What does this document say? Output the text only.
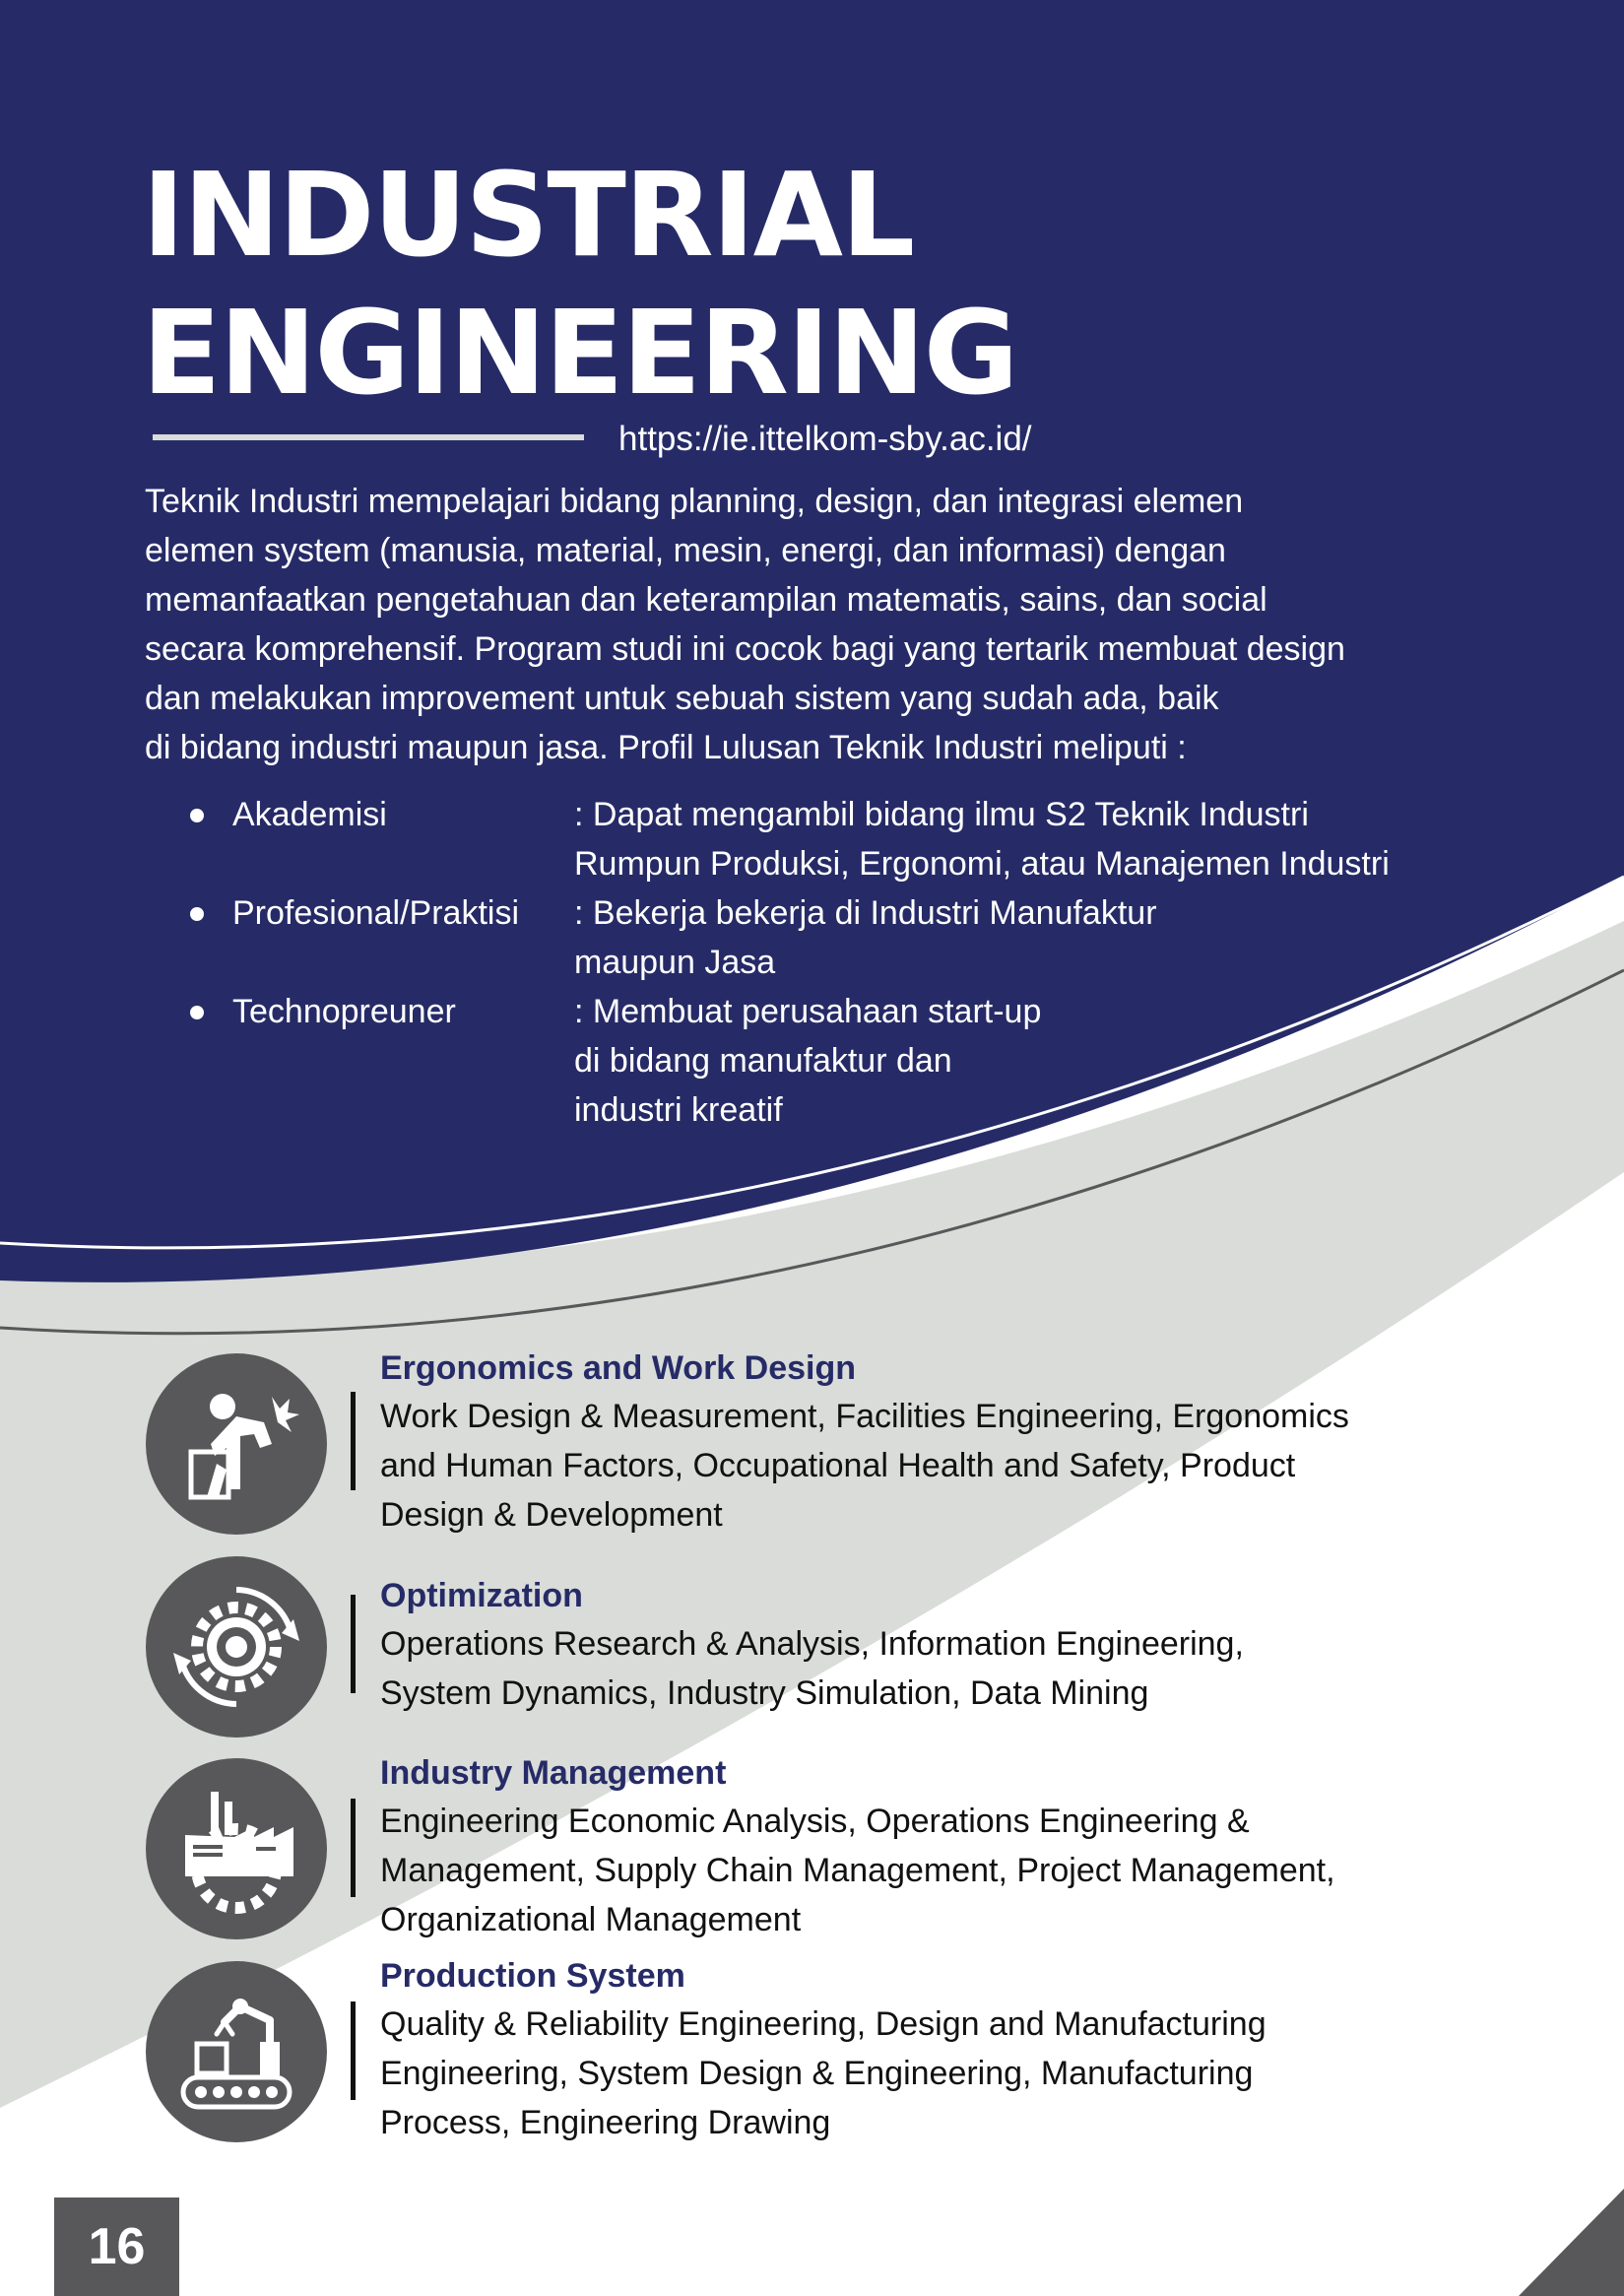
INDUSTRIAL
ENGINEERING
https://ie.ittelkom-sby.ac.id/

Teknik Industri mempelajari bidang planning, design, dan integrasi elemen
elemen system (manusia, material, mesin, energi, dan informasi) dengan
memanfaatkan pengetahuan dan keterampilan matematis, sains, dan social
secara komprehensif. Program studi ini cocok bagi yang tertarik membuat design
dan melakukan improvement untuk sebuah sistem yang sudah ada, baik
di bidang industri maupun jasa. Profil Lulusan Teknik Industri meliputi :

Akademisi	: Dapat mengambil bidang ilmu S2 Teknik Industri
Rumpun Produksi, Ergonomi, atau Manajemen Industri
Profesional/Praktisi : Bekerja bekerja di Industri Manufaktur
maupun Jasa
Technopreuner	: Membuat perusahaan start-up
di bidang manufaktur dan
industri kreatif
Ergonomics and Work Design

Work Design & Measurement, Facilities Engineering, Ergonomics
and Human Factors, Occupational Health and Safety, Product
Design & Development

Optimization

Operations Research & Analysis, Information Engineering,
System Dynamics, Industry Simulation, Data Mining

Industry Management

Engineering Economic Analysis, Operations Engineering &
Management, Supply Chain Management, Project Management,
Organizational Management

Production System

Quality & Reliability Engineering, Design and Manufacturing
Engineering, System Design & Engineering, Manufacturing
Process, Engineering Drawing

16
